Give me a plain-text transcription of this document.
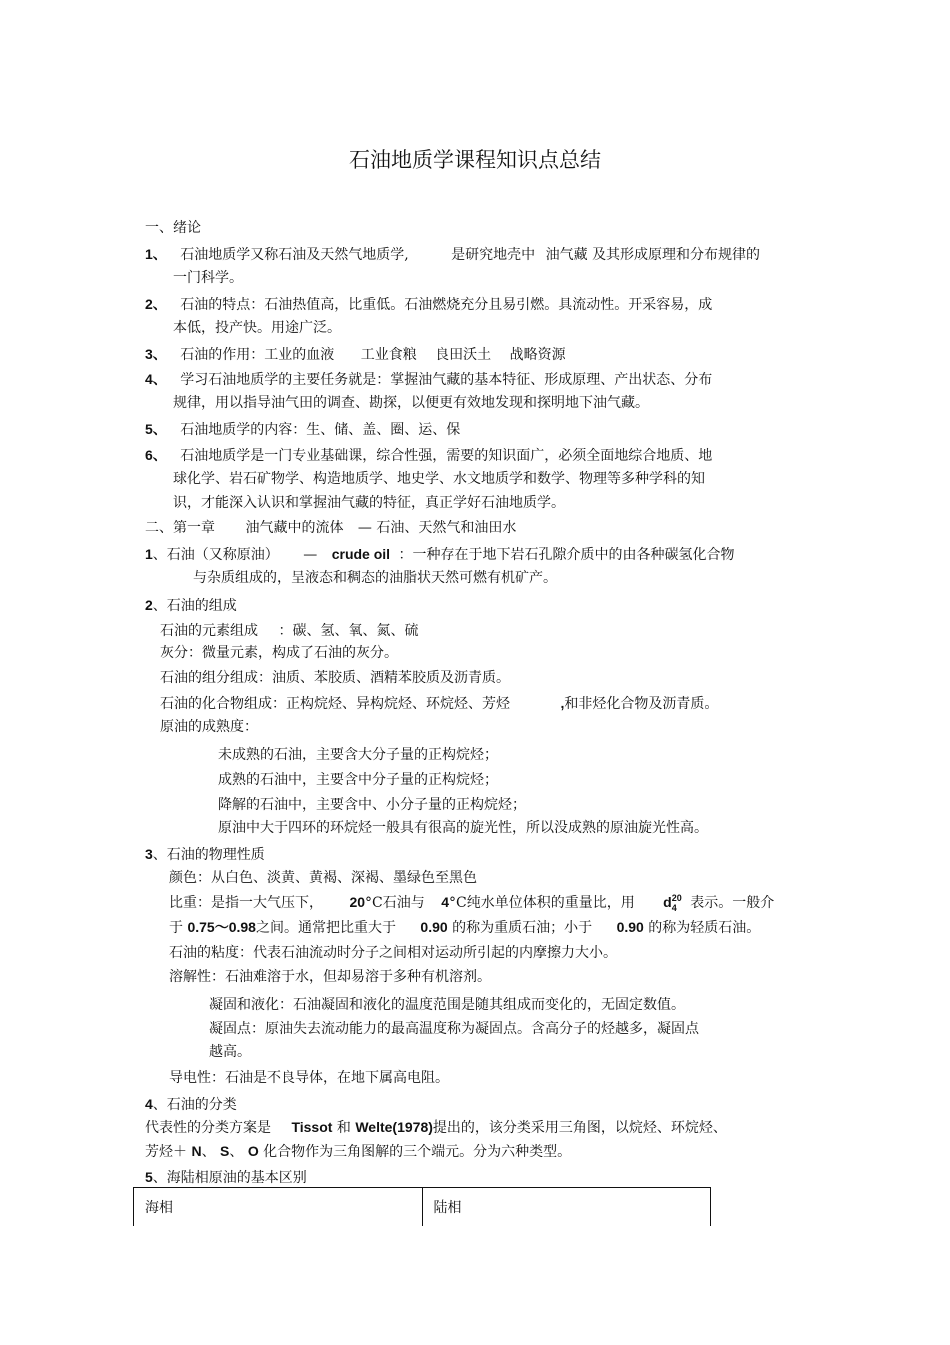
石油地质学课程知识点总结
一、绪论
1、 石油地质学又称石油及天然气地质学,	是研究地壳中 油气藏 及其形成原理和分布规律的
一门科学。
2、 石油的特点：石油热值高，比重低。石油燃烧充分且易引燃。具流动性。开采容易，成
本低，投产快。用途广泛。
3、 石油的作用：工业的血液 工业食粮 良田沃土 战略资源
4、 学习石油地质学的主要任务就是：掌握油气藏的基本特征、形成原理、产出状态、分布
规律，用以指导油气田的调查、勘探，以便更有效地发现和探明地下油气藏。
5、 石油地质学的内容：生、储、盖、圈、运、保
6、 石油地质学是一门专业基础课，综合性强，需要的知识面广，必须全面地综合地质、地
球化学、岩石矿物学、构造地质学、地史学、水文地质学和数学、物理等多种学科的知
识，才能深入认识和掌握油气藏的特征，真正学好石油地质学。
二、第一章 油气藏中的流体 — 石油、天然气和油田水
1、石油（又称原油） — crude oil ：一种存在于地下岩石孔隙介质中的由各种碳氢化合物
与杂质组成的，呈液态和稠态的油脂状天然可燃有机矿产。
2、石油的组成
石油的元素组成 ：碳、氢、氧、氮、硫
灰分：微量元素，构成了石油的灰分。
石油的组分组成：油质、苯胶质、酒精苯胶质及沥青质。
石油的化合物组成：正构烷烃、异构烷烃、环烷烃、芳烃	,和非烃化合物及沥青质。
原油的成熟度：
未成熟的石油，主要含大分子量的正构烷烃；
成熟的石油中，主要含中分子量的正构烷烃；
降解的石油中，主要含中、小分子量的正构烷烃；
原油中大于四环的环烷烃一般具有很高的旋光性，所以没成熟的原油旋光性高。
3、石油的物理性质
颜色：从白色、淡黄、黄褐、深褐、墨绿色至黑色
比重：是指一大气压下， 20°C石油与 4°C纯水单位体积的重量比，用 $d_4^{20}$ 表示。一般介
于 0.75～0.98之间。通常把比重大于 0.90 的称为重质石油；小于 0.90 的称为轻质石油。
石油的粘度：代表石油流动时分子之间相对运动所引起的内摩擦力大小。
溶解性：石油难溶于水，但却易溶于多种有机溶剂。
凝固和液化：石油凝固和液化的温度范围是随其组成而变化的，无固定数值。
凝固点：原油失去流动能力的最高温度称为凝固点。含高分子的烃越多，凝固点
越高。
导电性：石油是不良导体，在地下属高电阻。
4、石油的分类
代表性的分类方案是 Tissot 和 Welte(1978)提出的，该分类采用三角图，以烷烃、环烷烃、
芳烃＋ N、 S、 O 化合物作为三角图解的三个端元。分为六种类型。
5、海陆相原油的基本区别
海相	陆相
